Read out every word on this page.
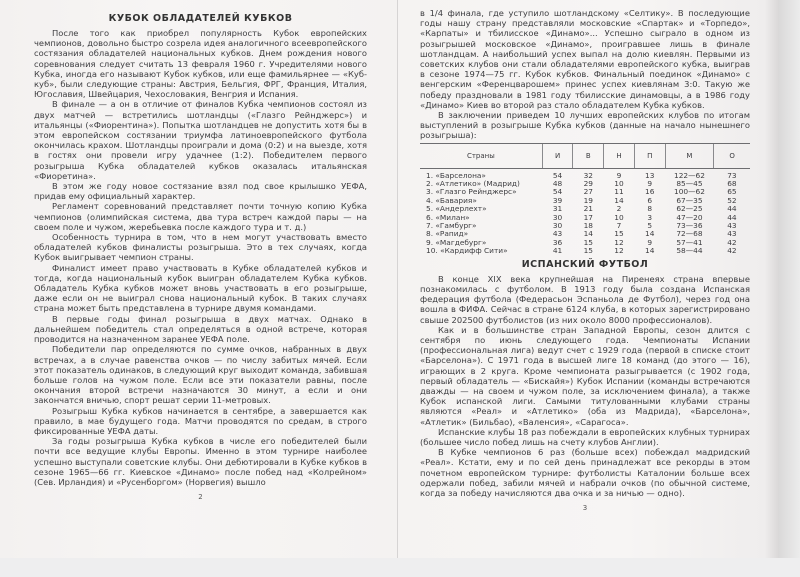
КУБОК ОБЛАДАТЕЛЕЙ КУБКОВ

После того как приобрел популярность Кубок европейских чемпионов, довольно быстро созрела идея аналогичного всеевропейского состязания обладателей национальных кубков. Днем рождения нового соревнования следует считать 13 февраля 1960 г. Учредителями нового Кубка, иногда его называют Кубок кубков, или еще фамильярнее — «Куб-куб», были следующие страны: Австрия, Бельгия, ФРГ, Франция, Италия, Югославия, Швейцария, Чехословакия, Венгрия и Испания.

В финале — а он в отличие от финалов Кубка чемпионов состоял из двух матчей — встретились шотландцы («Глазго Рейнджерс») и итальянцы («Фиорентина»). Попытка шотландцев не допустить хотя бы в этом европейском состязании триумфа латиноевропейского футбола окончилась крахом. Шотландцы проиграли и дома (0:2) и на выезде, хотя в гостях они провели игру удачнее (1:2). Победителем первого розыгрыша Кубка обладателей кубков оказалась итальянская «Фиоретина».

В этом же году новое состязание взял под свое крылышко УЕФА, придав ему официальный характер.

Регламент соревнований представляет почти точную копию Кубка чемпионов (олимпийская система, два тура встреч каждой пары — на своем поле и чужом, жеребьевка после каждого тура и т. д.)

Особенность турнира в том, что в нем могут участвовать вместо обладателей кубков финалисты розыгрыша. Это в тех случаях, когда Кубок выигрывает чемпион страны.

Финалист имеет право участвовать в Кубке обладателей кубков и тогда, когда национальный кубок выигран обладателем Кубка кубков. Обладатель Кубка кубков может вновь участвовать в его розыгрыше, даже если он не выиграл снова национальный кубок. В таких случаях страна может быть представлена в турнире двумя командами.

В первые годы финал розыгрыша в двух матчах. Однако в дальнейшем победитель стал определяться в одной встрече, которая проводится на назначенном заранее УЕФА поле.

Победители пар определяются по сумме очков, набранных в двух встречах, а в случае равенства очков — по числу забитых мячей. Если этот показатель одинаков, в следующий круг выходит команда, забившая больше голов на чужом поле. Если все эти показатели равны, после окончания второй встречи назначаются 30 минут, а если и они закончатся вничью, спорт решат серии 11-метровых.

Розыгрыш Кубка кубков начинается в сентябре, а завершается как правило, в мае будущего года. Матчи проводятся по средам, в строго фиксированные УЕФА даты.

За годы розыгрыша Кубка кубков в числе его победителей были почти все ведущие клубы Европы. Именно в этом турнире наиболее успешно выступали советские клубы. Они дебютировали в Кубке кубков в сезоне 1965—66 гг. Киевское «Динамо» после побед над «Колрейном» (Сев. Ирландия) и «Русенборгом» (Норвегия) вышло

2

в 1/4 финала, где уступило шотландскому «Селтику». В последующие годы нашу страну представляли московские «Спартак» и «Торпедо», «Карпаты» и тбилисское «Динамо»... Успешно сыграло в одном из розыгрышей московское «Динамо», проигравшее лишь в финале шотландцам. А наибольший успех выпал на долю киевлян. Первыми из советских клубов они стали обладателями европейского кубка, выиграв в сезоне 1974—75 гг. Кубок кубков. Финальный поединок «Динамо» с венгерским «Ференцварошем» принес успех киевлянам 3:0. Такую же победу праздновали в 1981 году тбилисские динамовцы, а в 1986 году «Динамо» Киев во второй раз стало обладателем Кубка кубков.

В заключении приведем 10 лучших европейских клубов по итогам выступлений в розыгрыше Кубка кубков (данные на начало нынешнего розыгрыша):

Страны	И	В	Н	П	М	О
1. «Барселона»	54	32	9	13	122—62	73
2. «Атлетико» (Мадрид)	48	29	10	9	85—45	68
3. «Глазго Рейнджерс»	54	27	11	16	100—62	65
4. «Бавария»	39	19	14	6	67—35	52
5. «Андерлехт»	31	21	2	8	62—25	44
6. «Милан»	30	17	10	3	47—20	44
7. «Гамбург»	30	18	7	5	73—36	43
8. «Рапид»	43	14	15	14	72—68	43
9. «Магдебург»	36	15	12	9	57—41	42
10. «Кардифф Сити»	41	15	12	14	58—44	42
ИСПАНСКИЙ ФУТБОЛ

В конце XIX века крупнейшая на Пиренеях страна впервые познакомилась с футболом. В 1913 году была создана Испанская федерация футбола (Федерасьон Эспаньола де Футбол), через год она вошла в ФИФА. Сейчас в стране 6124 клуба, в которых зарегистрировано свыше 202500 футболистов (из них около 8000 профессионалов).

Как и в большинстве стран Западной Европы, сезон длится с сентября по июнь следующего года. Чемпионаты Испании (профессиональная лига) ведут счет с 1929 года (первой в списке стоит «Барселона»). С 1971 года в высшей лиге 18 команд (до этого — 16), играющих в 2 круга. Кроме чемпионата разыгрывается (с 1902 года, первый обладатель — «Бискайя») Кубок Испании (команды встречаются дважды — на своем и чужом поле, за исключением финала), а также Кубок испанской лиги. Самыми титулованными клубами страны являются «Реал» и «Атлетико» (оба из Мадрида), «Барселона», «Атлетик» (Бильбао), «Валенсия», «Сарагоса».

Испанские клубы 18 раз побеждали в европейских клубных турнирах (большее число побед лишь на счету клубов Англии).

В Кубке чемпионов 6 раз (больше всех) побеждал мадридский «Реал». Кстати, ему и по сей день принадлежат все рекорды в этом почетном европейском турнире: футболисты Каталонии больше всех одержали побед, забили мячей и набрали очков (по обычной системе, когда за победу начисляются два очка и за ничью — одно).

3
